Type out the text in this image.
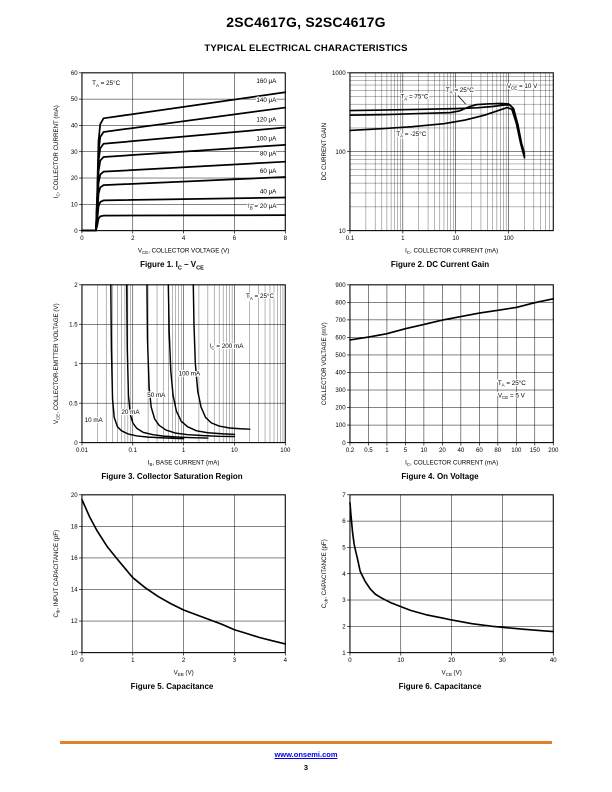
2SC4617G, S2SC4617G
TYPICAL ELECTRICAL CHARACTERISTICS
0	2	4	6	8
0
10
20
30
40
50
60
$T_A = 25^\circ C$	160 μA
140 μA
120 μA
100 μA
80 μA
60 μA
40 μA
$I_B = 20$ μA
$V_{CE}$, COLLECTOR VOLTAGE (V)
$I_C$, COLLECTOR CURRENT (mA)
Figure 1. $I_C - V_{CE}$
0.1	1	10	100
10
100
1000
$V_{CE} = 10$ V
$T_A = 25^\circ C$
$T_A = 75^\circ C$
$T_A = -25^\circ C$
$I_C$, COLLECTOR CURRENT (mA)
DC CURRENT GAIN
Figure 2. DC Current Gain
0.01	0.1	1	10	100
0
0.5
1
1.5
2
$T_A = 25^\circ C$
$I_C = 200$ mA
100 mA
50 mA
20 mA
10 mA
$I_B$, BASE CURRENT (mA)
$V_{CE}$, COLLECTOR-EMITTER VOLTAGE (V)
Figure 3. Collector Saturation Region
0.2 0.5 1 5 10 20 40 60 80 100 150 200
0
100
200
300
400
500
600
700
800
900
$T_A = 25^\circ C$
$V_{CE} = 5$ V
$I_C$, COLLECTOR CURRENT (mA)
COLLECTOR VOLTAGE (mV)
Figure 4. On Voltage
0	1	2	3	4
10
12
14
16
18
20
$V_{EB}$ (V)
$C_{ib}$, INPUT CAPACITANCE (pF)
Figure 5. Capacitance
0	10	20	30	40
1
2
3
4
5
6
7
$V_{CB}$ (V)
$C_{ob}$, CAPACITANCE (pF)
Figure 6. Capacitance
www.onsemi.com
3
